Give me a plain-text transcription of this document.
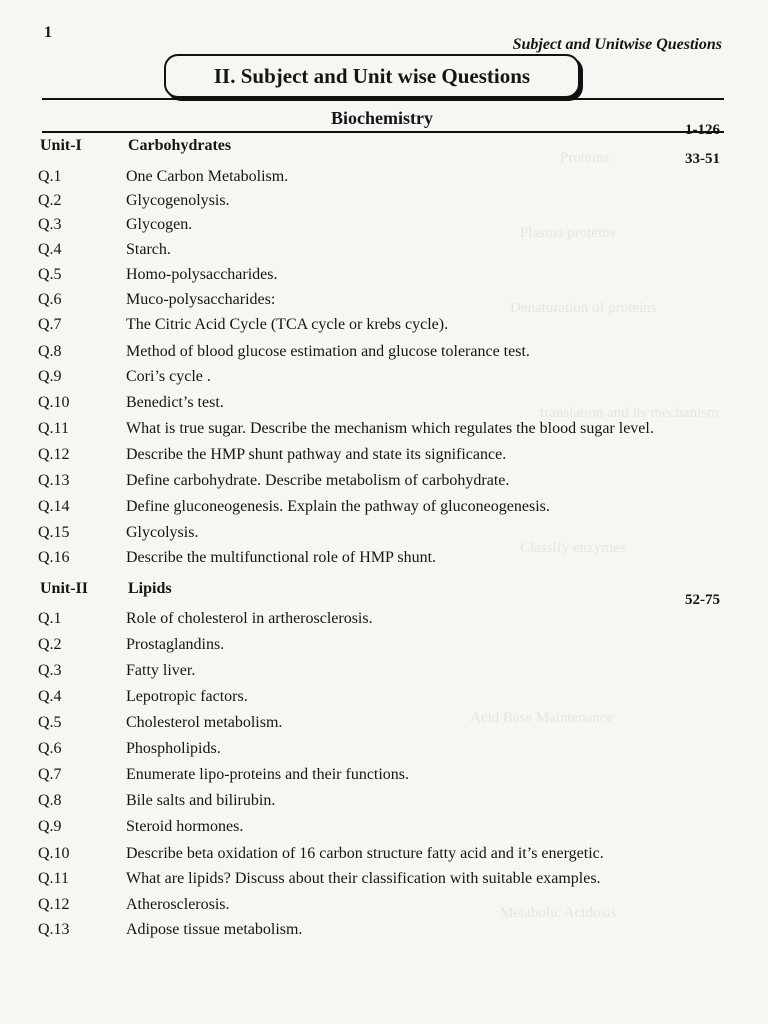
Proteins
Plasma proteins
Denaturation of proteins
translation and its mechanism
Classify enzymes
Acid Base Maintenance
Metabolic Acidosis
1
Subject and Unitwise Questions
II. Subject and Unit wise Questions
Biochemistry
1-126
Unit-I	Carbohydrates
33-51
Q.1	One Carbon Metabolism.
Q.2	Glycogenolysis.
Q.3	Glycogen.
Q.4	Starch.
Q.5	Homo-polysaccharides.
Q.6	Muco-polysaccharides:
Q.7	The Citric Acid Cycle (TCA cycle or krebs cycle).
Q.8	Method of blood glucose estimation and glucose tolerance test.
Q.9	Cori’s cycle .
Q.10	Benedict’s test.
Q.11	What is true sugar. Describe the mechanism which regulates the blood sugar level.
Q.12	Describe the HMP shunt pathway and state its significance.
Q.13	Define carbohydrate. Describe metabolism of carbohydrate.
Q.14	Define gluconeogenesis. Explain the pathway of gluconeogenesis.
Q.15	Glycolysis.
Q.16	Describe the multifunctional role of HMP shunt.
Unit-II Lipids
52-75
Q.1	Role of cholesterol in artherosclerosis.
Q.2	Prostaglandins.
Q.3	Fatty liver.
Q.4	Lepotropic factors.
Q.5	Cholesterol metabolism.
Q.6	Phospholipids.
Q.7	Enumerate lipo-proteins and their functions.
Q.8	Bile salts and bilirubin.
Q.9	Steroid hormones.
Q.10	Describe beta oxidation of 16 carbon structure fatty acid and it’s energetic.
Q.11	What are lipids? Discuss about their classification with suitable examples.
Q.12	Atherosclerosis.
Q.13	Adipose tissue metabolism.
